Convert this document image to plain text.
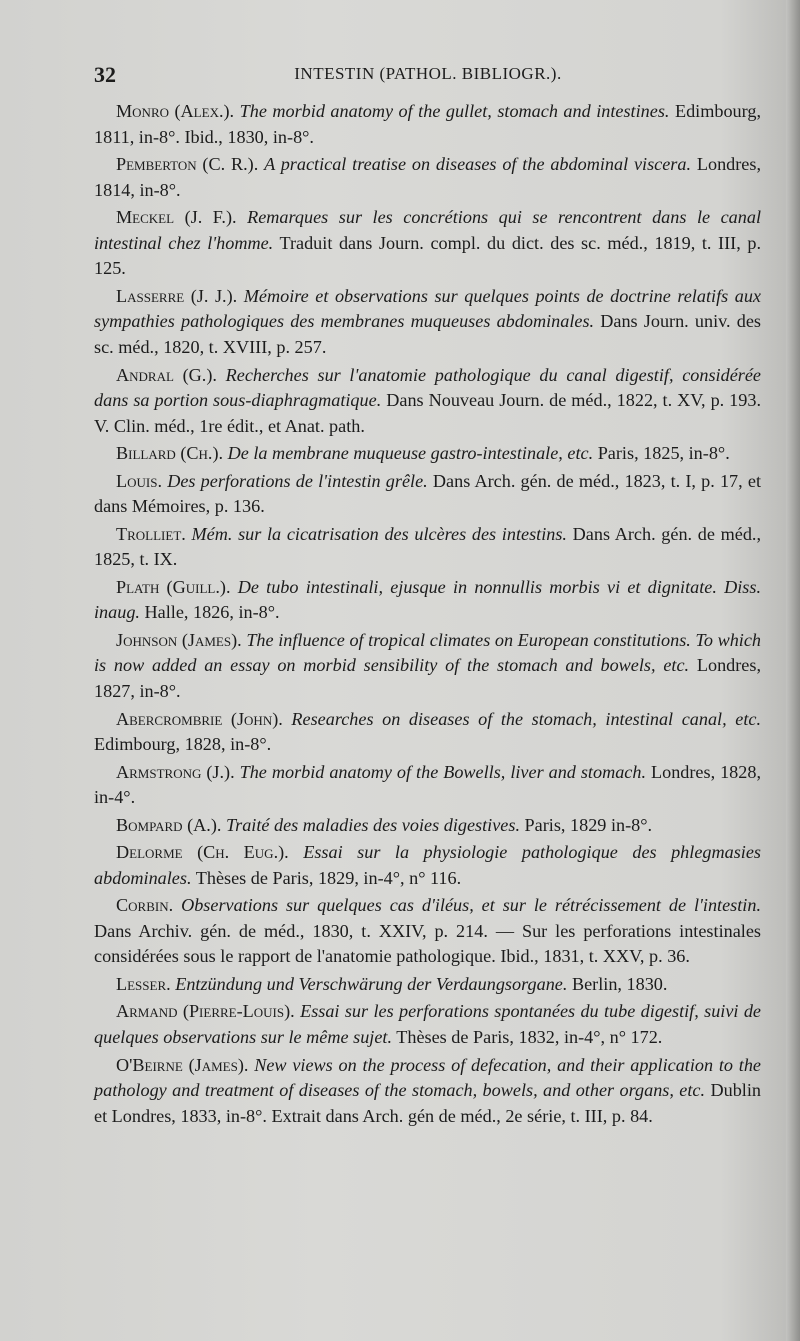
32	INTESTIN (PATHOL. BIBLIOGR.).

Monro (Alex.). The morbid anatomy of the gullet, stomach and intestines. Edimbourg, 1811, in-8°. Ibid., 1830, in-8°.

Pemberton (C. R.). A practical treatise on diseases of the abdominal viscera. Londres, 1814, in-8°.

Meckel (J. F.). Remarques sur les concrétions qui se rencontrent dans le canal intestinal chez l'homme. Traduit dans Journ. compl. du dict. des sc. méd., 1819, t. III, p. 125.

Lasserre (J. J.). Mémoire et observations sur quelques points de doctrine relatifs aux sympathies pathologiques des membranes muqueuses abdominales. Dans Journ. univ. des sc. méd., 1820, t. XVIII, p. 257.

Andral (G.). Recherches sur l'anatomie pathologique du canal digestif, considérée dans sa portion sous-diaphragmatique. Dans Nouveau Journ. de méd., 1822, t. XV, p. 193. V. Clin. méd., 1re édit., et Anat. path.

Billard (Ch.). De la membrane muqueuse gastro-intestinale, etc. Paris, 1825, in-8°.

Louis. Des perforations de l'intestin grêle. Dans Arch. gén. de méd., 1823, t. I, p. 17, et dans Mémoires, p. 136.

Trolliet. Mém. sur la cicatrisation des ulcères des intestins. Dans Arch. gén. de méd., 1825, t. IX.

Plath (Guill.). De tubo intestinali, ejusque in nonnullis morbis vi et dignitate. Diss. inaug. Halle, 1826, in-8°.

Johnson (James). The influence of tropical climates on European constitutions. To which is now added an essay on morbid sensibility of the stomach and bowels, etc. Londres, 1827, in-8°.

Abercrombrie (John). Researches on diseases of the stomach, intestinal canal, etc. Edimbourg, 1828, in-8°.

Armstrong (J.). The morbid anatomy of the Bowells, liver and stomach. Londres, 1828, in-4°.

Bompard (A.). Traité des maladies des voies digestives. Paris, 1829 in-8°.

Delorme (Ch. Eug.). Essai sur la physiologie pathologique des phlegmasies abdominales. Thèses de Paris, 1829, in-4°, n° 116.

Corbin. Observations sur quelques cas d'iléus, et sur le rétrécissement de l'intestin. Dans Archiv. gén. de méd., 1830, t. XXIV, p. 214. — Sur les perforations intestinales considérées sous le rapport de l'anatomie pathologique. Ibid., 1831, t. XXV, p. 36.

Lesser. Entzündung und Verschwärung der Verdaungsorgane. Berlin, 1830.

Armand (Pierre-Louis). Essai sur les perforations spontanées du tube digestif, suivi de quelques observations sur le même sujet. Thèses de Paris, 1832, in-4°, n° 172.

O'Beirne (James). New views on the process of defecation, and their application to the pathology and treatment of diseases of the stomach, bowels, and other organs, etc. Dublin et Londres, 1833, in-8°. Extrait dans Arch. gén de méd., 2e série, t. III, p. 84.
